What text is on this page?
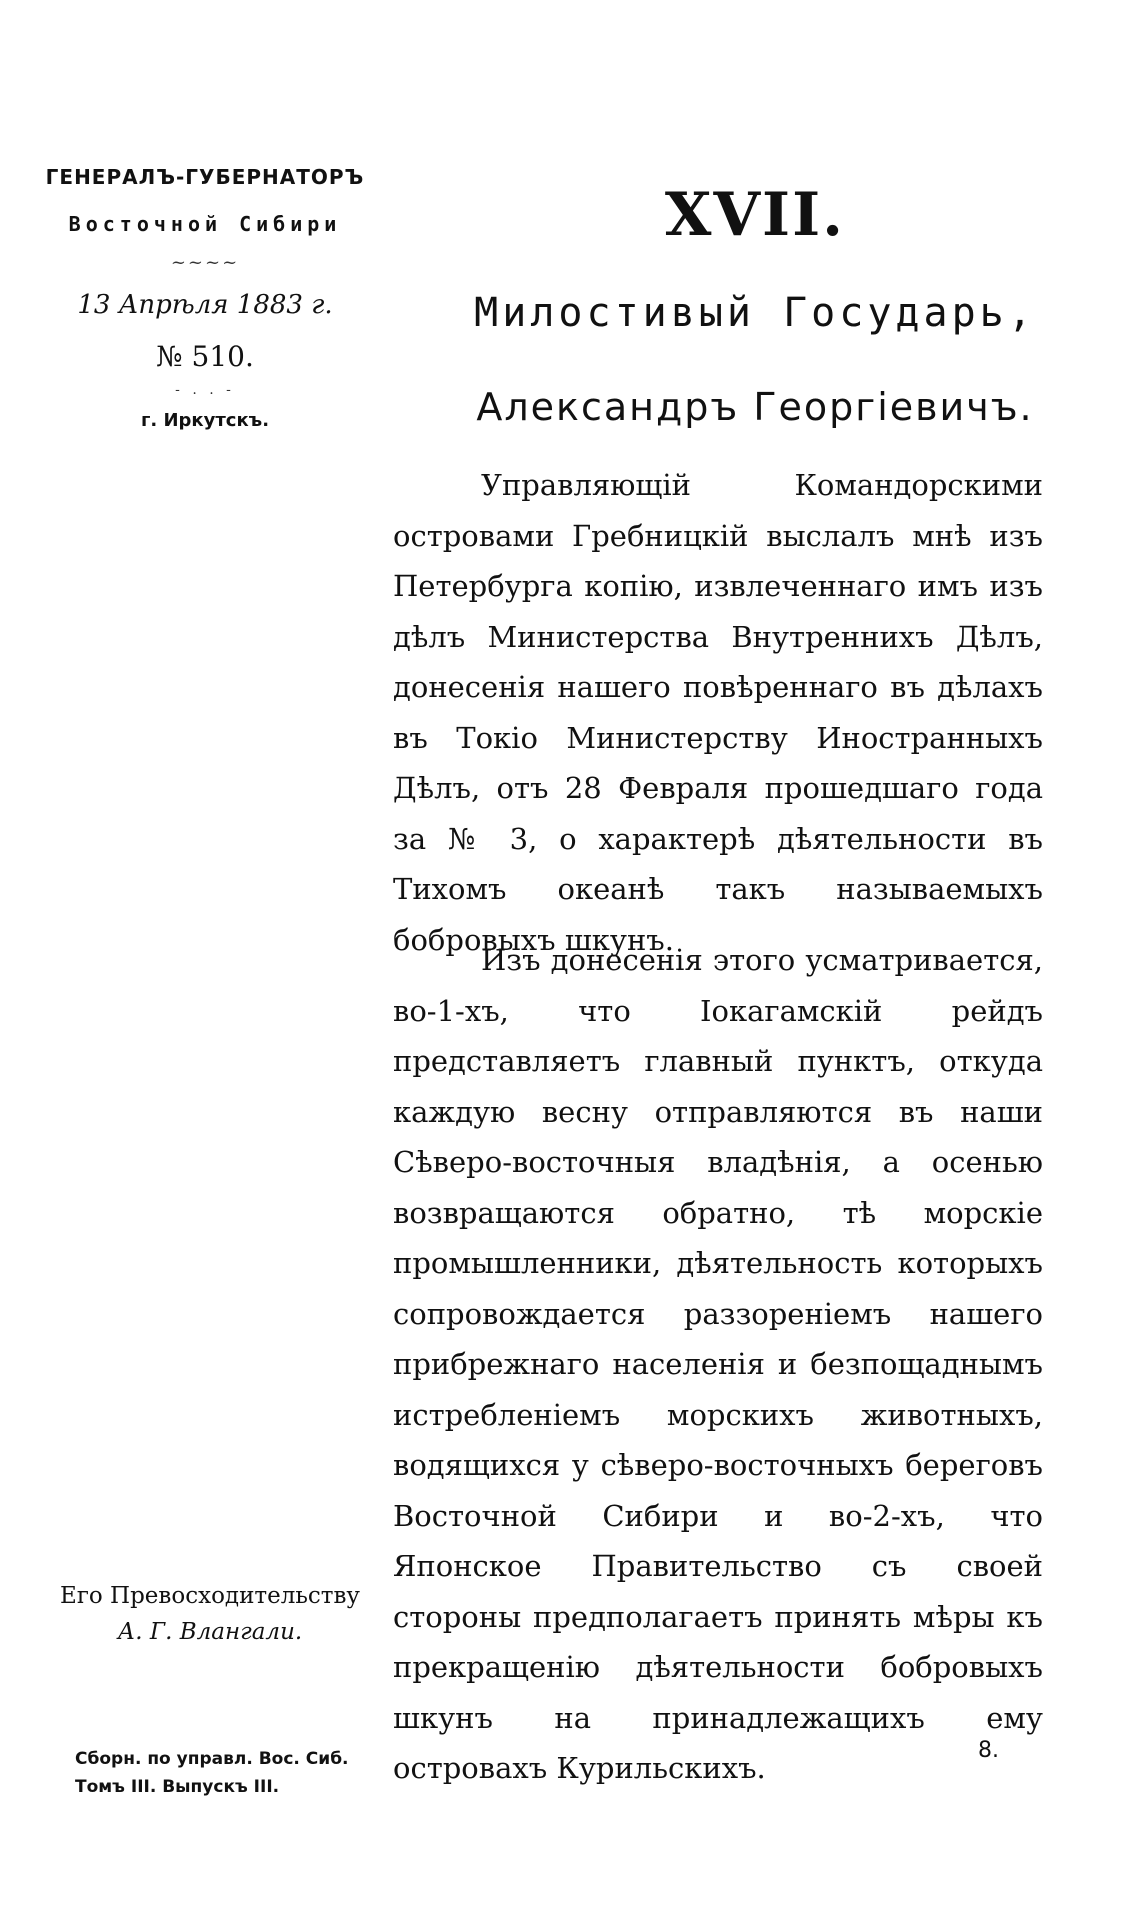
ГЕНЕРАЛЪ-ГУБЕРНАТОРЪ
Восточной Сибири
~~~~
13 Апрѣля 1883 г.
№ 510.
- . . -
г. Иркутскъ.
XVII.
Милостивый Государь,
Александръ Георгіевичъ.

Управляющій Командорскими островами Гребницкій выслалъ мнѣ изъ Петербурга копію, извлеченнаго имъ изъ дѣлъ Министерства Внутреннихъ Дѣлъ, донесенія нашего повѣреннаго въ дѣлахъ въ Токіо Министерству Иностранныхъ Дѣлъ, отъ 28 Февраля прошедшаго года за № 3, о характерѣ дѣятельности въ Тихомъ океанѣ такъ называемыхъ бобровыхъ шкунъ.

Изъ донесенія этого усматривается, во-1-хъ, что Іокагамскій рейдъ представляетъ главный пунктъ, откуда каждую весну отправляются въ наши Сѣверо-восточныя владѣнія, а осенью возвращаются обратно, тѣ морскіе промышленники, дѣятельность которыхъ сопровождается раззореніемъ нашего прибрежнаго населенія и безпощаднымъ истребленіемъ морскихъ животныхъ, водящихся у сѣверо-восточныхъ береговъ Восточной Сибири и во-2-хъ, что Японское Правительство съ своей стороны предполагаетъ принять мѣры къ прекращенію дѣятельности бобровыхъ шкунъ на принадлежащихъ ему островахъ Курильскихъ.

Его Превосходительству
А. Г. Влангали.
Сборн. по управл. Вос. Сиб.
Томъ III. Выпускъ III.
8.
